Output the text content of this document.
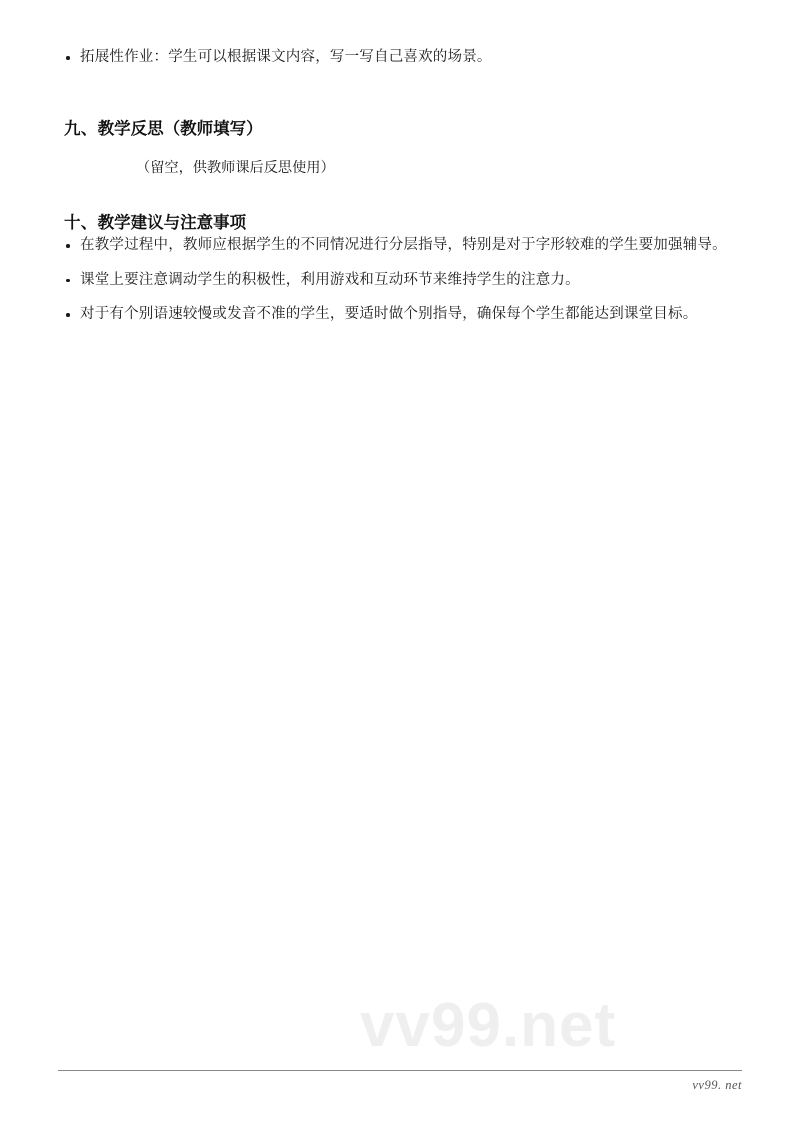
拓展性作业：学生可以根据课文内容，写一写自己喜欢的场景。
九、教学反思（教师填写）
（留空，供教师课后反思使用）
十、教学建议与注意事项
在教学过程中，教师应根据学生的不同情况进行分层指导，特别是对于字形较难的学生要加强辅导。
课堂上要注意调动学生的积极性，利用游戏和互动环节来维持学生的注意力。
对于有个别语速较慢或发音不准的学生，要适时做个别指导，确保每个学生都能达到课堂目标。
vv99.net
vv99. net
